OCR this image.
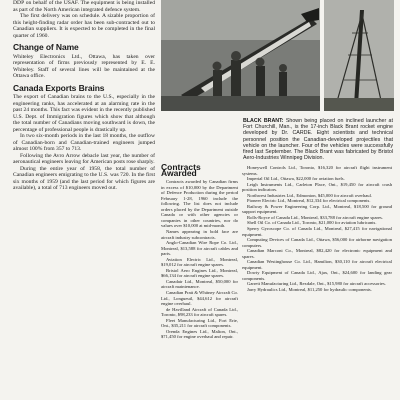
DDP on behalf of the USAF. The equipment is being installed as part of the North American integrated defence system.

The first delivery was on schedule. A sizable proportion of this height-finding radar order has been sub-contracted out to Canadian suppliers. It is expected to be completed in the final quarter of 1960.

Change of Name

Whiteley Electronics Ltd., Ottawa, has taken over representation of firms previously represented by E. E. Whiteley. Staff of several lines will be maintained at the Ottawa office.

Canada Exports Brains

The export of Canadian brains to the U.S., especially in the engineering ranks, has accelerated at an alarming rate in the past 24 months. This fact was evident in the recently published U.S. Dept. of Immigration figures which show that although the total number of Canadians moving southward is down, the percentage of professional people is drastically up.

In two six-month periods in the last 18 months, the outflow of Canadian-born and Canadian-trained engineers jumped almost 100% from 357 to 713.

Following the Avro Arrow debacle last year, the number of aeronautical engineers leaving for American posts rose sharply.

During the entire year of 1958, the total number of Canadian engineers emigrating to the U.S. was 720. In the first six months of 1959 (and the last period for which figures are available), a total of 713 engineers moved out.

BLACK BRANT: Shown being placed on inclined launcher at Fort Churchill, Man., is the 17-inch Black Brant rocket engine developed by Dr. CARDE. Eight scientists and technical personnel position the Canadian-developed projectiles that vehicle on the launcher. Four of the vehicles were successfully fired last September. The Black Brant was fabricated by Bristol Aero-Industries Winnipeg Division.
Contracts Awarded

Contracts awarded by Canadian firms in excess of $10,000 by the Department of Defence Production during the period February 1-28, 1960 include the following. The list does not include orders placed by the Department outside Canada or with other agencies or companies in other countries, nor do values over $10,000 at mid-month.

Names appearing in bold face are aircraft industry subcontracts.

Anglo-Canadian Wire Rope Co. Ltd., Montreal, $13,588 for aircraft cables and parts.

Aviation Electric Ltd., Montreal, $19,012 for aircraft engine spares.

Bristol Aero Engines Ltd., Montreal, $66,134 for aircraft engine spares.

Canadair Ltd., Montreal, $50,000 for aircraft maintenance.

Canadian Pratt & Whitney Aircraft Co. Ltd., Longueuil, $44,612 for aircraft engine overhaul.

de Havilland Aircraft of Canada Ltd., Toronto, $98,233 for aircraft spares.

Fleet Manufacturing Ltd., Fort Erie, Ont., $35,211 for aircraft components.

Orenda Engines Ltd., Malton, Ont., $71,450 for engine overhaul and repair.

Honeywell Controls Ltd., Toronto, $16,320 for aircraft flight instrument systems.

Imperial Oil Ltd., Ottawa, $22,000 for aviation fuels.

Leigh Instruments Ltd., Carleton Place, Ont., $19,450 for aircraft crash position indicators.

Northwest Industries Ltd., Edmonton, $45,000 for aircraft overhaul.

Pioneer Electric Ltd., Montreal, $12,334 for electrical components.

Railway & Power Engineering Corp. Ltd., Montreal, $18,500 for ground support equipment.

Rolls-Royce of Canada Ltd., Montreal, $33,788 for aircraft engine spares.

Shell Oil Co. of Canada Ltd., Toronto, $21,000 for aviation lubricants.

Sperry Gyroscope Co. of Canada Ltd., Montreal, $27,415 for navigational equipment.

Computing Devices of Canada Ltd., Ottawa, $56,000 for airborne navigation computers.

Canadian Marconi Co., Montreal, $82,420 for electronic equipment and spares.

Canadian Westinghouse Co. Ltd., Hamilton, $30,110 for aircraft electrical equipment.

Dowty Equipment of Canada Ltd., Ajax, Ont., $24,600 for landing gear components.

Garrett Manufacturing Ltd., Rexdale, Ont., $15,980 for aircraft accessories.

Jarry Hydraulics Ltd., Montreal, $11,250 for hydraulic components.
